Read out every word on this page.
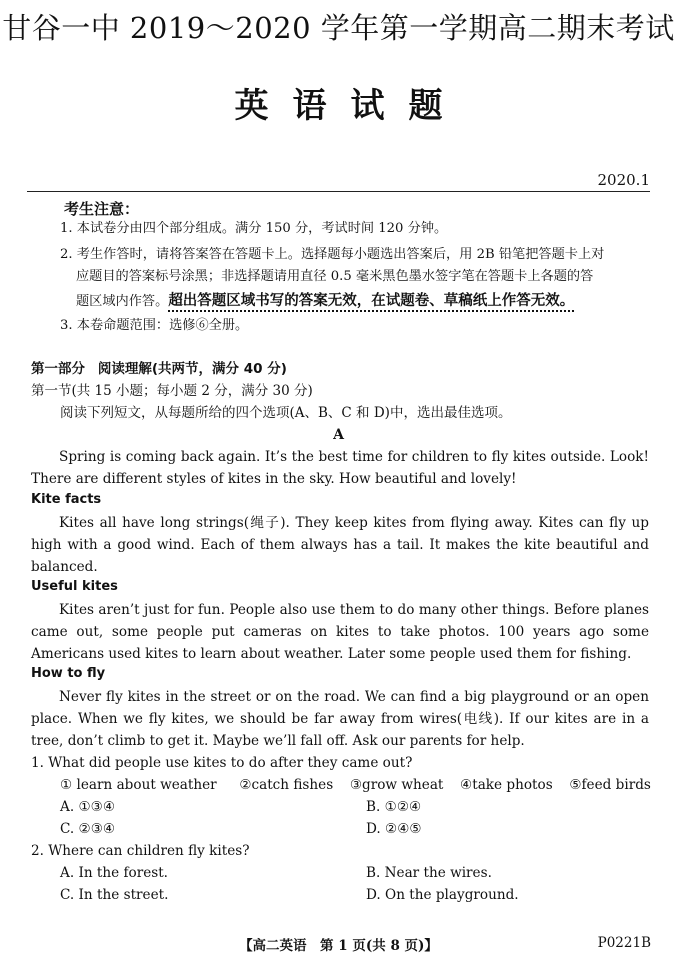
甘谷一中 2019～2020 学年第一学期高二期末考试
英语试题
2020.1
考生注意：
1. 本试卷分由四个部分组成。满分 150 分，考试时间 120 分钟。
2. 考生作答时，请将答案答在答题卡上。选择题每小题选出答案后，用 2B 铅笔把答题卡上对
应题目的答案标号涂黑；非选择题请用直径 0.5 毫米黑色墨水签字笔在答题卡上各题的答
题区域内作答。超出答题区域书写的答案无效，在试题卷、草稿纸上作答无效。
3. 本卷命题范围：选修⑥全册。
第一部分 阅读理解(共两节，满分 40 分)
第一节(共 15 小题；每小题 2 分，满分 30 分)
阅读下列短文，从每题所给的四个选项(A、B、C 和 D)中，选出最佳选项。
A
Spring is coming back again. It’s the best time for children to fly kites outside. Look! There are different styles of kites in the sky. How beautiful and lovely!
Kite facts
Kites all have long strings(绳子). They keep kites from flying away. Kites can fly up high with a good wind. Each of them always has a tail. It makes the kite beautiful and balanced.
Useful kites
Kites aren’t just for fun. People also use them to do many other things. Before planes came out, some people put cameras on kites to take photos. 100 years ago some Americans used kites to learn about weather. Later some people used them for fishing.
How to fly
Never fly kites in the street or on the road. We can find a big playground or an open place. When we fly kites, we should be far away from wires(电线). If our kites are in a tree, don’t climb to get it. Maybe we’ll fall off. Ask our parents for help.
1. What did people use kites to do after they came out?
① learn about weather ②catch fishes ③grow wheat ④take photos ⑤feed birds
A. ①③④	B. ①②④
C. ②③④	D. ②④⑤
2. Where can children fly kites?
A. In the forest.	B. Near the wires.
C. In the street.	D. On the playground.
【高二英语　第 1 页(共 8 页)】	P0221B
